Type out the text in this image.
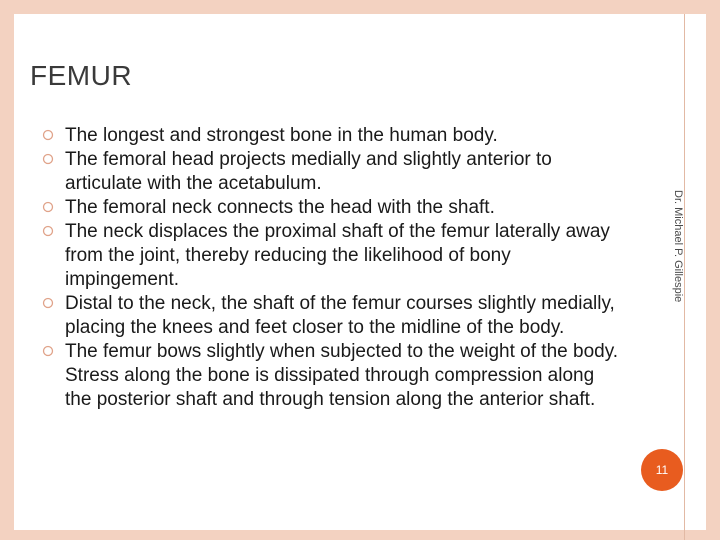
FEMUR
The longest and strongest bone in the human body.
The femoral head projects medially and slightly anterior to articulate with the acetabulum.
The femoral neck connects the head with the shaft.
The neck displaces the proximal shaft of the femur laterally away from the joint, thereby reducing the likelihood of bony impingement.
Distal to the neck, the shaft of the femur courses slightly medially, placing the knees and feet closer to the midline of the body.
The femur bows slightly when subjected to the weight of the body. Stress along the bone is dissipated through compression along the posterior shaft and through tension along the anterior shaft.
Dr. Michael P. Gillespie
11
